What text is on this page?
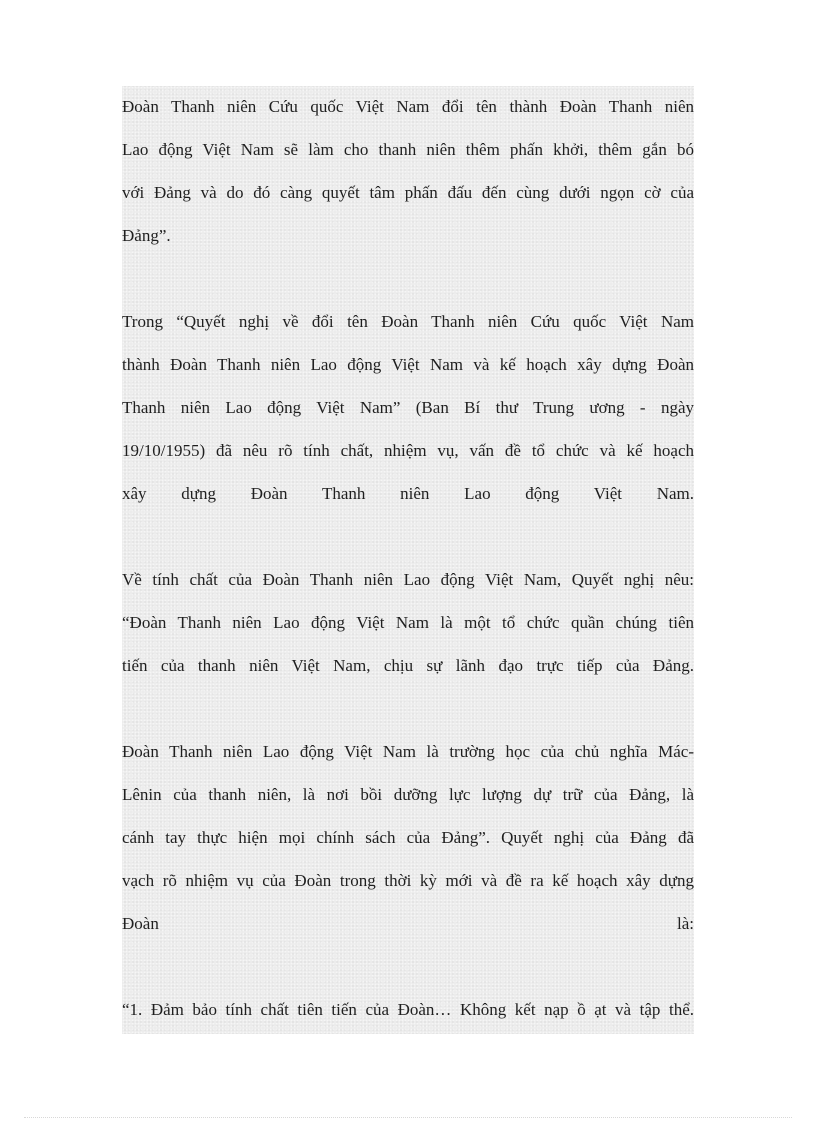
Đoàn Thanh niên Cứu quốc Việt Nam đổi tên thành Đoàn Thanh niên
Lao động Việt Nam sẽ làm cho thanh niên thêm phấn khởi, thêm gắn bó
với Đảng và do đó càng quyết tâm phấn đấu đến cùng dưới ngọn cờ của
Đảng”.
Trong “Quyết nghị về đổi tên Đoàn Thanh niên Cứu quốc Việt Nam
thành Đoàn Thanh niên Lao động Việt Nam và kế hoạch xây dựng Đoàn
Thanh niên Lao động Việt Nam” (Ban Bí thư Trung ương - ngày
19/10/1955) đã nêu rõ tính chất, nhiệm vụ, vấn đề tổ chức và kế hoạch
xây dựng Đoàn Thanh niên Lao động Việt Nam.
Về tính chất của Đoàn Thanh niên Lao động Việt Nam, Quyết nghị nêu:
“Đoàn Thanh niên Lao động Việt Nam là một tổ chức quần chúng tiên
tiến của thanh niên Việt Nam, chịu sự lãnh đạo trực tiếp của Đảng.
Đoàn Thanh niên Lao động Việt Nam là trường học của chủ nghĩa Mác-
Lênin của thanh niên, là nơi bồi dưỡng lực lượng dự trữ của Đảng, là
cánh tay thực hiện mọi chính sách của Đảng”. Quyết nghị của Đảng đã
vạch rõ nhiệm vụ của Đoàn trong thời kỳ mới và đề ra kế hoạch xây dựng
Đoàn là:
“1. Đảm bảo tính chất tiên tiến của Đoàn… Không kết nạp ồ ạt và tập thể.
